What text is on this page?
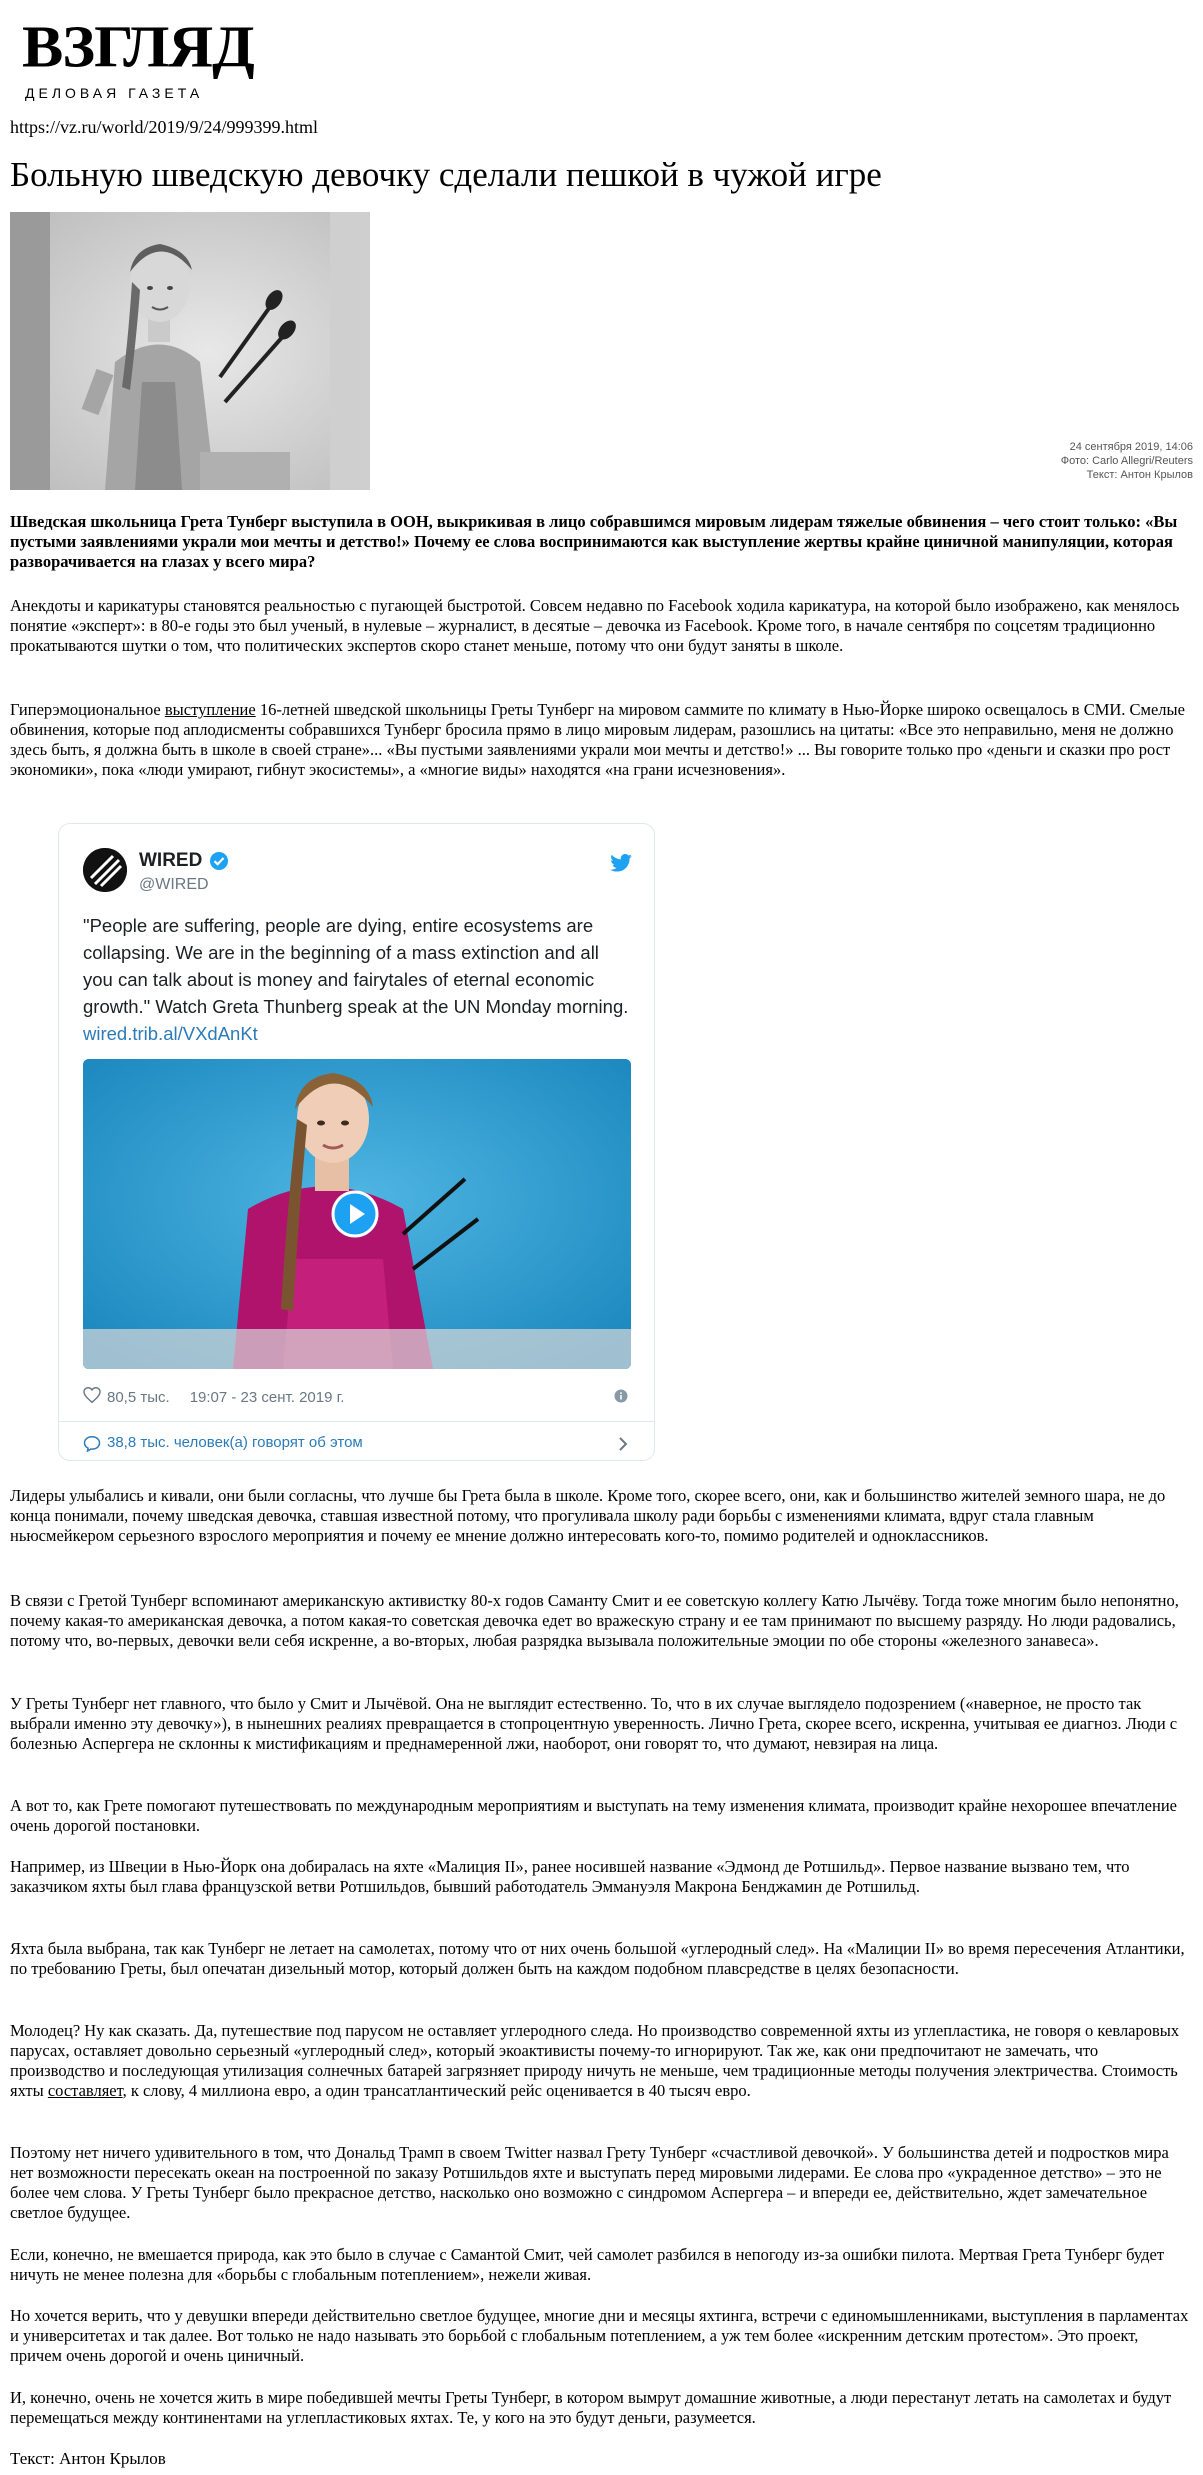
ВЗГЛЯД
ДЕЛОВАЯ ГАЗЕТА
https://vz.ru/world/2019/9/24/999399.html
Больную шведскую девочку сделали пешкой в чужой игре
24 сентября 2019, 14:06
Фото: Carlo Allegri/Reuters
Текст: Антон Крылов

Шведская школьница Грета Тунберг выступила в ООН, выкрикивая в лицо собравшимся мировым лидерам тяжелые обвинения – чего стоит только: «Вы пустыми заявлениями украли мои мечты и детство!» Почему ее слова воспринимаются как выступление жертвы крайне циничной манипуляции, которая разворачивается на глазах у всего мира?

Анекдоты и карикатуры становятся реальностью с пугающей быстротой. Совсем недавно по Facebook ходила карикатура, на которой было изображено, как менялось понятие «эксперт»: в 80-е годы это был ученый, в нулевые – журналист, в десятые – девочка из Facebook. Кроме того, в начале сентября по соцсетям традиционно прокатываются шутки о том, что политических экспертов скоро станет меньше, потому что они будут заняты в школе.

Гиперэмоциональное выступление 16-летней шведской школьницы Греты Тунберг на мировом саммите по климату в Нью-Йорке широко освещалось в СМИ. Смелые обвинения, которые под аплодисменты собравшихся Тунберг бросила прямо в лицо мировым лидерам, разошлись на цитаты: «Все это неправильно, меня не должно здесь быть, я должна быть в школе в своей стране»... «Вы пустыми заявлениями украли мои мечты и детство!» ... Вы говорите только про «деньги и сказки про рост экономики», пока «люди умирают, гибнут экосистемы», а «многие виды» находятся «на грани исчезновения».

WIRED
@WIRED

"People are suffering, people are dying, entire ecosystems are collapsing. We are in the beginning of a mass extinction and all you can talk about is money and fairytales of eternal economic growth." Watch Greta Thunberg speak at the UN Monday morning. wired.trib.al/VXdAnKt

80,5 тыс. 19:07 - 23 сент. 2019 г.
38,8 тыс. человек(а) говорят об этом

Лидеры улыбались и кивали, они были согласны, что лучше бы Грета была в школе. Кроме того, скорее всего, они, как и большинство жителей земного шара, не до конца понимали, почему шведская девочка, ставшая известной потому, что прогуливала школу ради борьбы с изменениями климата, вдруг стала главным ньюсмейкером серьезного взрослого мероприятия и почему ее мнение должно интересовать кого-то, помимо родителей и одноклассников.

В связи с Гретой Тунберг вспоминают американскую активистку 80-х годов Саманту Смит и ее советскую коллегу Катю Лычёву. Тогда тоже многим было непонятно, почему какая-то американская девочка, а потом какая-то советская девочка едет во вражескую страну и ее там принимают по высшему разряду. Но люди радовались, потому что, во-первых, девочки вели себя искренне, а во-вторых, любая разрядка вызывала положительные эмоции по обе стороны «железного занавеса».

У Греты Тунберг нет главного, что было у Смит и Лычёвой. Она не выглядит естественно. То, что в их случае выглядело подозрением («наверное, не просто так выбрали именно эту девочку»), в нынешних реалиях превращается в стопроцентную уверенность. Лично Грета, скорее всего, искренна, учитывая ее диагноз. Люди с болезнью Аспергера не склонны к мистификациям и преднамеренной лжи, наоборот, они говорят то, что думают, невзирая на лица.

А вот то, как Грете помогают путешествовать по международным мероприятиям и выступать на тему изменения климата, производит крайне нехорошее впечатление очень дорогой постановки.

Например, из Швеции в Нью-Йорк она добиралась на яхте «Малиция II», ранее носившей название «Эдмонд де Ротшильд». Первое название вызвано тем, что заказчиком яхты был глава французской ветви Ротшильдов, бывший работодатель Эммануэля Макрона Бенджамин де Ротшильд.

Яхта была выбрана, так как Тунберг не летает на самолетах, потому что от них очень большой «углеродный след». На «Малиции II» во время пересечения Атлантики, по требованию Греты, был опечатан дизельный мотор, который должен быть на каждом подобном плавсредстве в целях безопасности.

Молодец? Ну как сказать. Да, путешествие под парусом не оставляет углеродного следа. Но производство современной яхты из углепластика, не говоря о кевларовых парусах, оставляет довольно серьезный «углеродный след», который экоактивисты почему-то игнорируют. Так же, как они предпочитают не замечать, что производство и последующая утилизация солнечных батарей загрязняет природу ничуть не меньше, чем традиционные методы получения электричества. Стоимость яхты составляет, к слову, 4 миллиона евро, а один трансатлантический рейс оценивается в 40 тысяч евро.

Поэтому нет ничего удивительного в том, что Дональд Трамп в своем Twitter назвал Грету Тунберг «счастливой девочкой». У большинства детей и подростков мира нет возможности пересекать океан на построенной по заказу Ротшильдов яхте и выступать перед мировыми лидерами. Ее слова про «украденное детство» – это не более чем слова. У Греты Тунберг было прекрасное детство, насколько оно возможно с синдромом Аспергера – и впереди ее, действительно, ждет замечательное светлое будущее.

Если, конечно, не вмешается природа, как это было в случае с Самантой Смит, чей самолет разбился в непогоду из-за ошибки пилота. Мертвая Грета Тунберг будет ничуть не менее полезна для «борьбы с глобальным потеплением», нежели живая.

Но хочется верить, что у девушки впереди действительно светлое будущее, многие дни и месяцы яхтинга, встречи с единомышленниками, выступления в парламентах и университетах и так далее. Вот только не надо называть это борьбой с глобальным потеплением, а уж тем более «искренним детским протестом». Это проект, причем очень дорогой и очень циничный.

И, конечно, очень не хочется жить в мире победившей мечты Греты Тунберг, в котором вымрут домашние животные, а люди перестанут летать на самолетах и будут перемещаться между континентами на углепластиковых яхтах. Те, у кого на это будут деньги, разумеется.

Текст: Антон Крылов
